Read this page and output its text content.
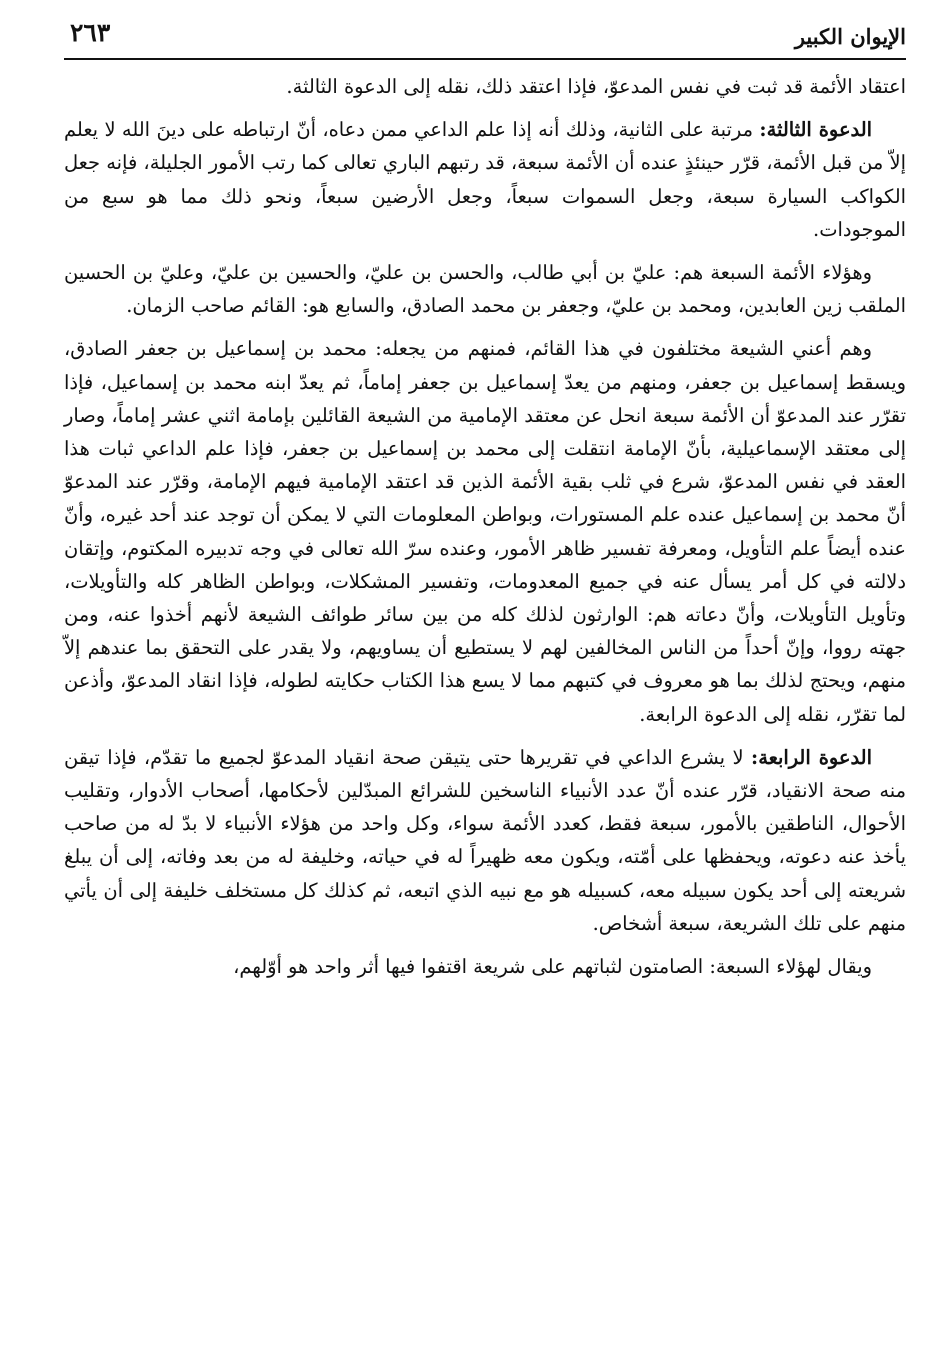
الإيوان الكبير
٢٦٣

اعتقاد الأئمة قد ثبت في نفس المدعوّ، فإذا اعتقد ذلك، نقله إلى الدعوة الثالثة.

الدعوة الثالثة: مرتبة على الثانية، وذلك أنه إذا علم الداعي ممن دعاه، أنّ ارتباطه على دينَ الله لا يعلم إلاّ من قبل الأئمة، قرّر حينئذٍ عنده أن الأئمة سبعة، قد رتبهم الباري تعالى كما رتب الأمور الجليلة، فإنه جعل الكواكب السيارة سبعة، وجعل السموات سبعاً، وجعل الأرضين سبعاً، ونحو ذلك مما هو سبع من الموجودات.

وهؤلاء الأئمة السبعة هم: عليّ بن أبي طالب، والحسن بن عليّ، والحسين بن عليّ، وعليّ بن الحسين الملقب زين العابدين، ومحمد بن عليّ، وجعفر بن محمد الصادق، والسابع هو: القائم صاحب الزمان.

وهم أعني الشيعة مختلفون في هذا القائم، فمنهم من يجعله: محمد بن إسماعيل بن جعفر الصادق، ويسقط إسماعيل بن جعفر، ومنهم من يعدّ إسماعيل بن جعفر إماماً، ثم يعدّ ابنه محمد بن إسماعيل، فإذا تقرّر عند المدعوّ أن الأئمة سبعة انحل عن معتقد الإمامية من الشيعة القائلين بإمامة اثني عشر إماماً، وصار إلى معتقد الإسماعيلية، بأنّ الإمامة انتقلت إلى محمد بن إسماعيل بن جعفر، فإذا علم الداعي ثبات هذا العقد في نفس المدعوّ، شرع في ثلب بقية الأئمة الذين قد اعتقد الإمامية فيهم الإمامة، وقرّر عند المدعوّ أنّ محمد بن إسماعيل عنده علم المستورات، وبواطن المعلومات التي لا يمكن أن توجد عند أحد غيره، وأنّ عنده أيضاً علم التأويل، ومعرفة تفسير ظاهر الأمور، وعنده سرّ الله تعالى في وجه تدبيره المكتوم، وإتقان دلالته في كل أمر يسأل عنه في جميع المعدومات، وتفسير المشكلات، وبواطن الظاهر كله والتأويلات، وتأويل التأويلات، وأنّ دعاته هم: الوارثون لذلك كله من بين سائر طوائف الشيعة لأنهم أخذوا عنه، ومن جهته رووا، وإنّ أحداً من الناس المخالفين لهم لا يستطيع أن يساويهم، ولا يقدر على التحقق بما عندهم إلاّ منهم، ويحتج لذلك بما هو معروف في كتبهم مما لا يسع هذا الكتاب حكايته لطوله، فإذا انقاد المدعوّ، وأذعن لما تقرّر، نقله إلى الدعوة الرابعة.

الدعوة الرابعة: لا يشرع الداعي في تقريرها حتى يتيقن صحة انقياد المدعوّ لجميع ما تقدّم، فإذا تيقن منه صحة الانقياد، قرّر عنده أنّ عدد الأنبياء الناسخين للشرائع المبدّلين لأحكامها، أصحاب الأدوار، وتقليب الأحوال، الناطقين بالأمور، سبعة فقط، كعدد الأئمة سواء، وكل واحد من هؤلاء الأنبياء لا بدّ له من صاحب يأخذ عنه دعوته، ويحفظها على أمّته، ويكون معه ظهيراً له في حياته، وخليفة له من بعد وفاته، إلى أن يبلغ شريعته إلى أحد يكون سبيله معه، كسبيله هو مع نبيه الذي اتبعه، ثم كذلك كل مستخلف خليفة إلى أن يأتي منهم على تلك الشريعة، سبعة أشخاص.

ويقال لهؤلاء السبعة: الصامتون لثباتهم على شريعة اقتفوا فيها أثر واحد هو أوّلهم،
